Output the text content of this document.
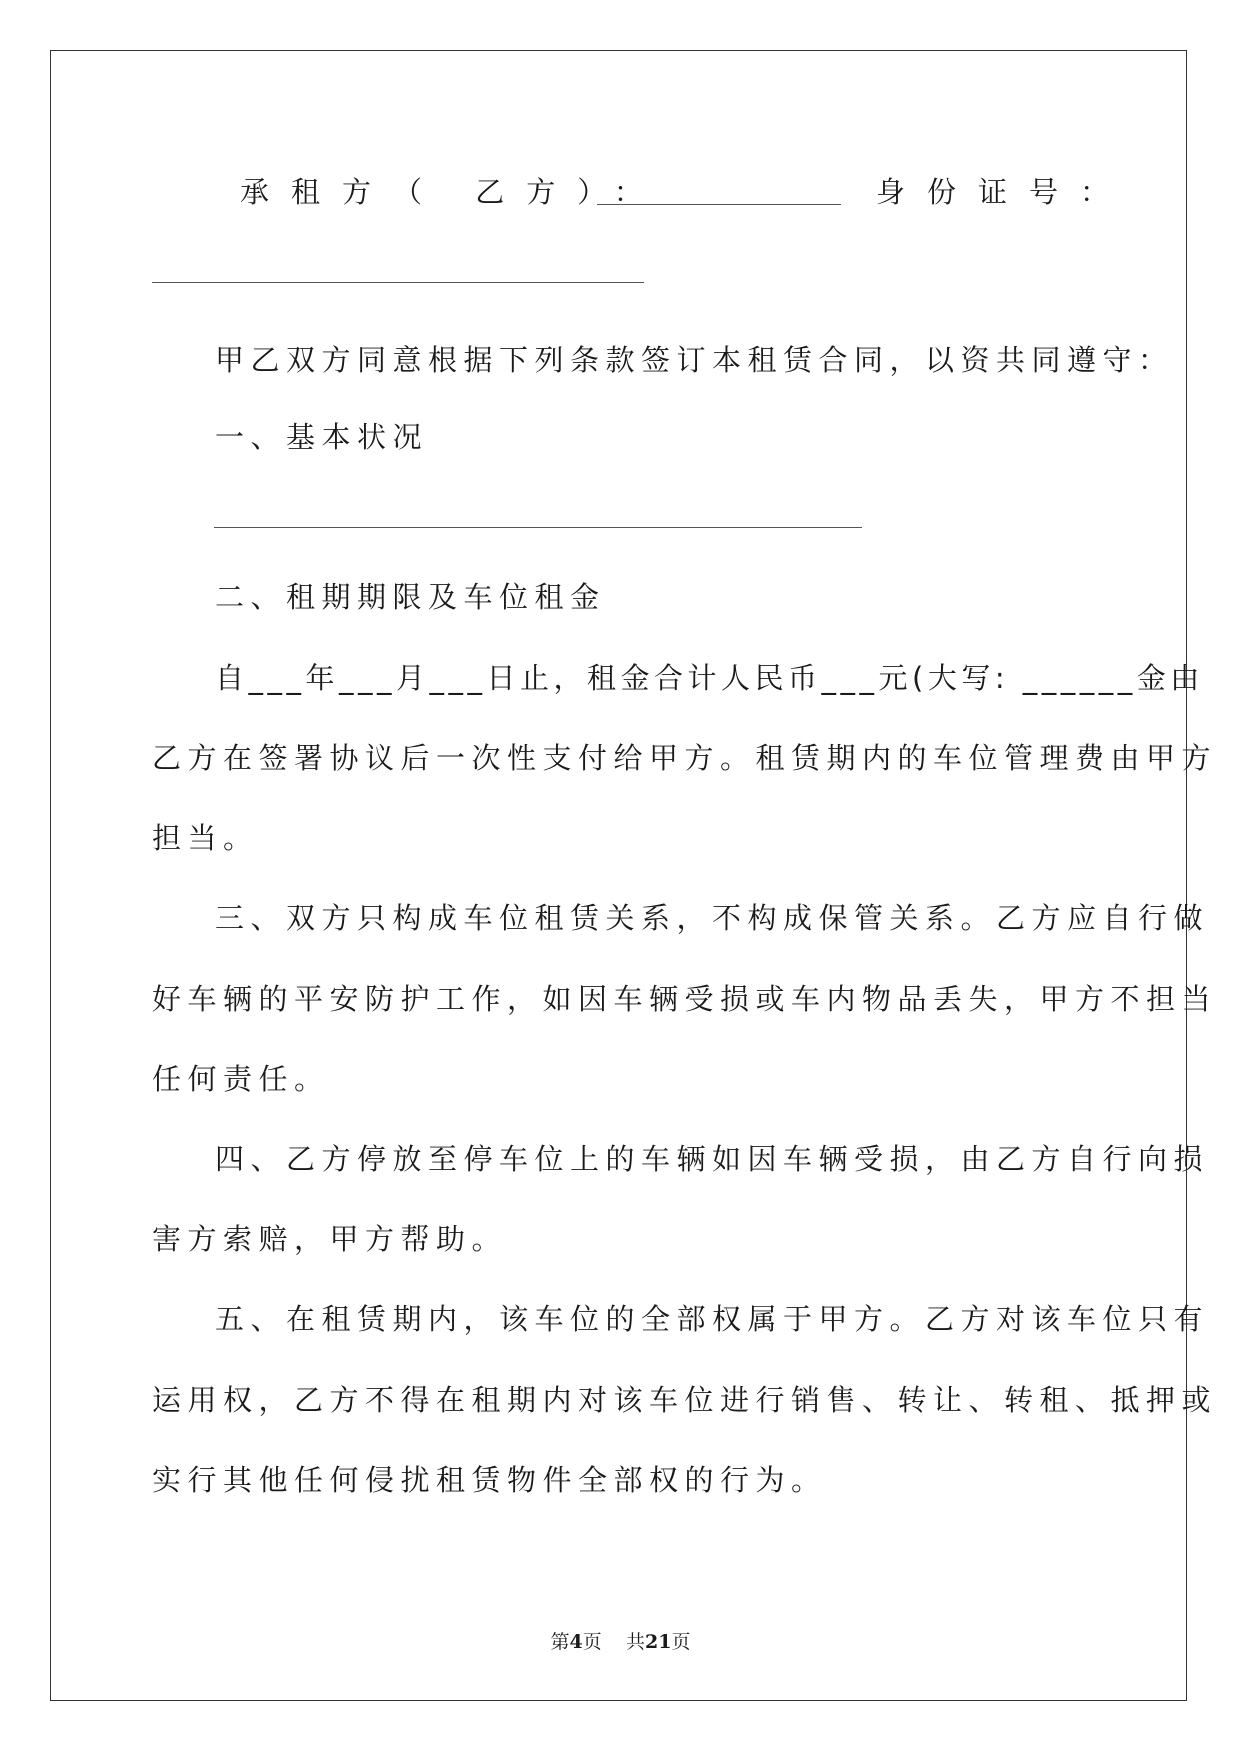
承租方（ 乙方）：	身份证号：
甲乙双方同意根据下列条款签订本租赁合同，以资共同遵守：
一、基本状况
二、租期期限及车位租金
自___年___月___日止，租金合计人民币___元(大写: ______金由
乙方在签署协议后一次性支付给甲方。租赁期内的车位管理费由甲方
担当。
三、双方只构成车位租赁关系，不构成保管关系。乙方应自行做
好车辆的平安防护工作，如因车辆受损或车内物品丢失，甲方不担当
任何责任。
四、乙方停放至停车位上的车辆如因车辆受损，由乙方自行向损
害方索赔，甲方帮助。
五、在租赁期内，该车位的全部权属于甲方。乙方对该车位只有
运用权，乙方不得在租期内对该车位进行销售、转让、转租、抵押或
实行其他任何侵扰租赁物件全部权的行为。
第4页 共21页
